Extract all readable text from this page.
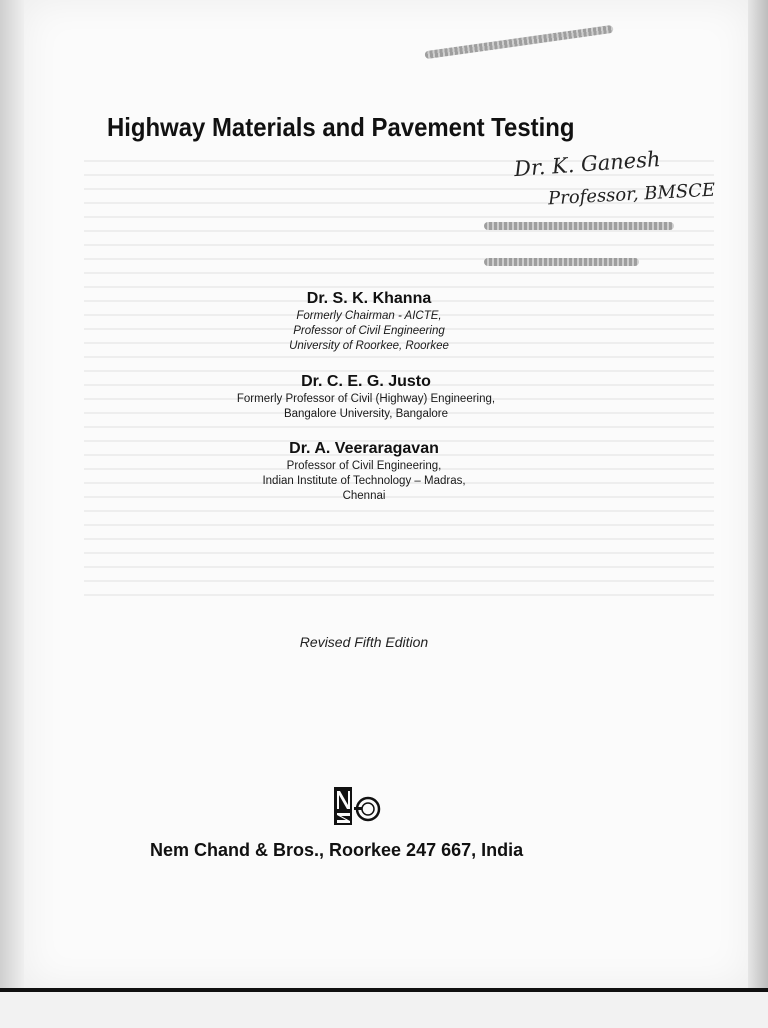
Highway Materials and Pavement Testing
Dr. K. Ganesh
Professor, BMSCE
Dr. S. K. Khanna
Formerly Chairman - AICTE,
Professor of Civil Engineering
University of Roorkee, Roorkee
Dr. C. E. G. Justo
Formerly Professor of Civil (Highway) Engineering,
Bangalore University, Bangalore
Dr. A. Veeraragavan
Professor of Civil Engineering,
Indian Institute of Technology – Madras,
Chennai
Revised Fifth Edition
Nem Chand & Bros., Roorkee 247 667, India
